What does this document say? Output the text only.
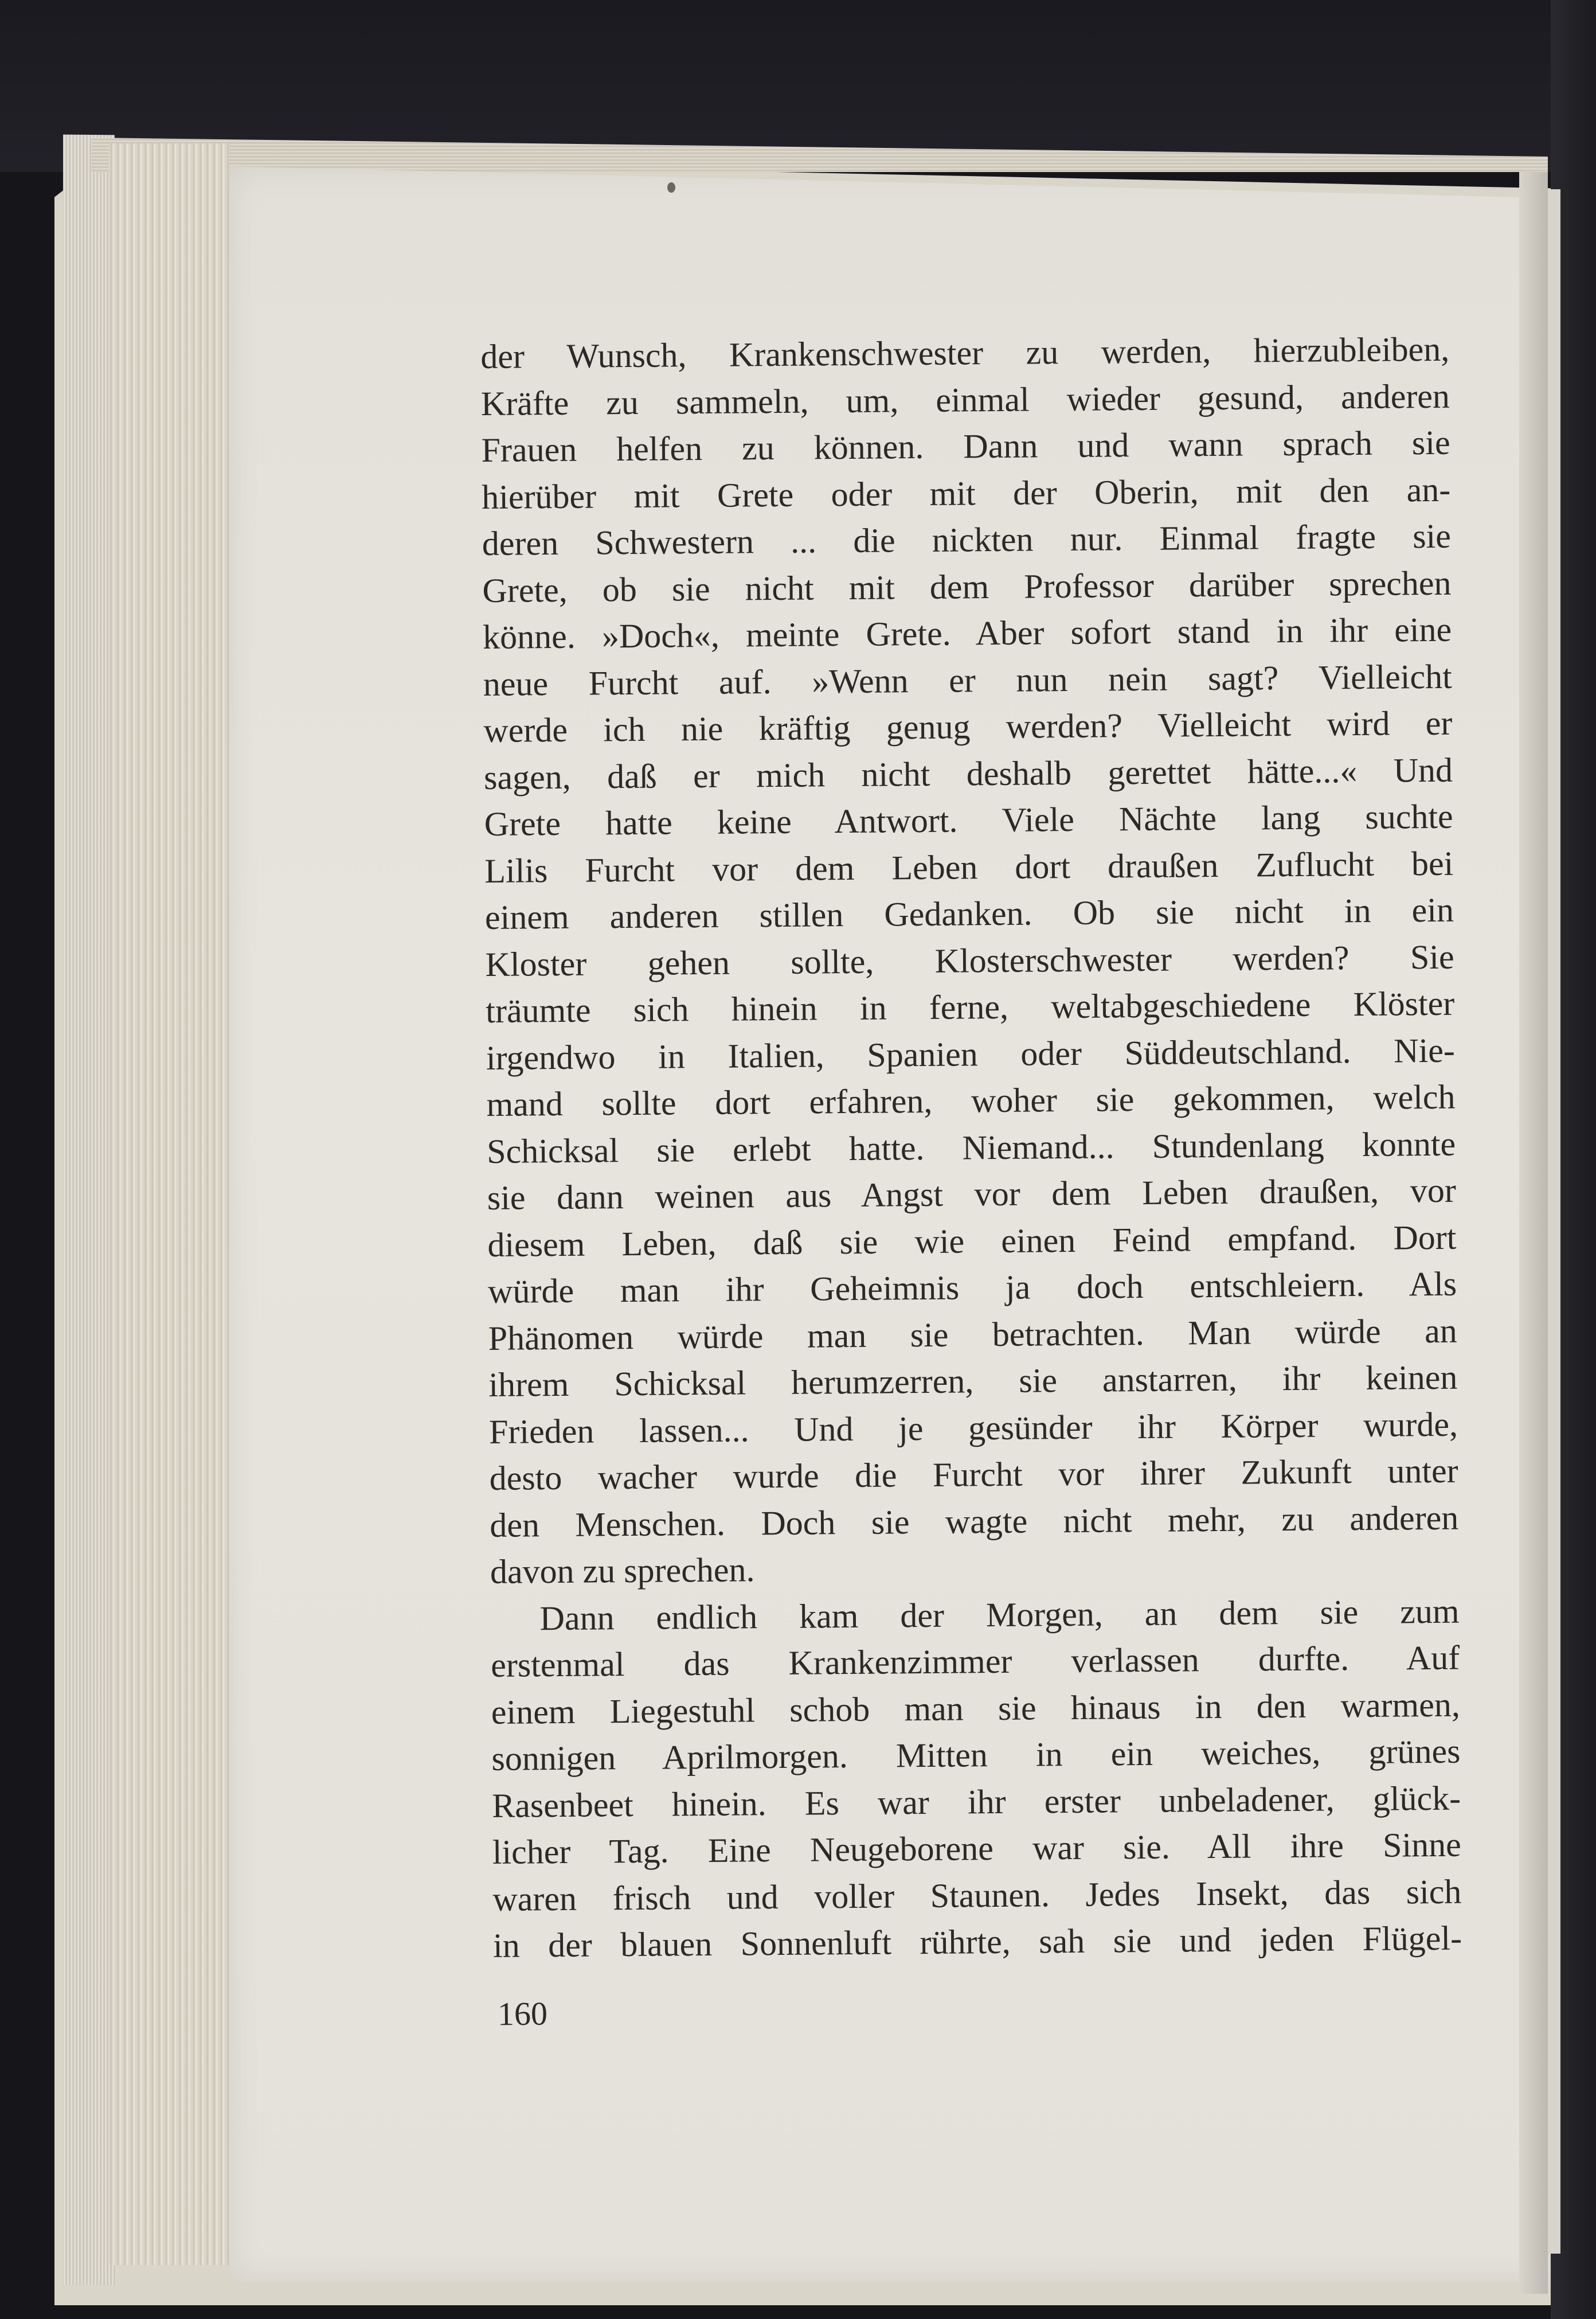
der Wunsch, Krankenschwester zu werden, hierzubleiben,
Kräfte zu sammeln, um, einmal wieder gesund, anderen
Frauen helfen zu können. Dann und wann sprach sie
hierüber mit Grete oder mit der Oberin, mit den an-
deren Schwestern ... die nickten nur. Einmal fragte sie
Grete, ob sie nicht mit dem Professor darüber sprechen
könne. »Doch«, meinte Grete. Aber sofort stand in ihr eine
neue Furcht auf. »Wenn er nun nein sagt? Vielleicht
werde ich nie kräftig genug werden? Vielleicht wird er
sagen, daß er mich nicht deshalb gerettet hätte...« Und
Grete hatte keine Antwort. Viele Nächte lang suchte
Lilis Furcht vor dem Leben dort draußen Zuflucht bei
einem anderen stillen Gedanken. Ob sie nicht in ein
Kloster gehen sollte, Klosterschwester werden? Sie
träumte sich hinein in ferne, weltabgeschiedene Klöster
irgendwo in Italien, Spanien oder Süddeutschland. Nie-
mand sollte dort erfahren, woher sie gekommen, welch
Schicksal sie erlebt hatte. Niemand... Stundenlang konnte
sie dann weinen aus Angst vor dem Leben draußen, vor
diesem Leben, daß sie wie einen Feind empfand. Dort
würde man ihr Geheimnis ja doch entschleiern. Als
Phänomen würde man sie betrachten. Man würde an
ihrem Schicksal herumzerren, sie anstarren, ihr keinen
Frieden lassen... Und je gesünder ihr Körper wurde,
desto wacher wurde die Furcht vor ihrer Zukunft unter
den Menschen. Doch sie wagte nicht mehr, zu anderen
davon zu sprechen.
Dann endlich kam der Morgen, an dem sie zum
erstenmal das Krankenzimmer verlassen durfte. Auf
einem Liegestuhl schob man sie hinaus in den warmen,
sonnigen Aprilmorgen. Mitten in ein weiches, grünes
Rasenbeet hinein. Es war ihr erster unbeladener, glück-
licher Tag. Eine Neugeborene war sie. All ihre Sinne
waren frisch und voller Staunen. Jedes Insekt, das sich
in der blauen Sonnenluft rührte, sah sie und jeden Flügel-
160
